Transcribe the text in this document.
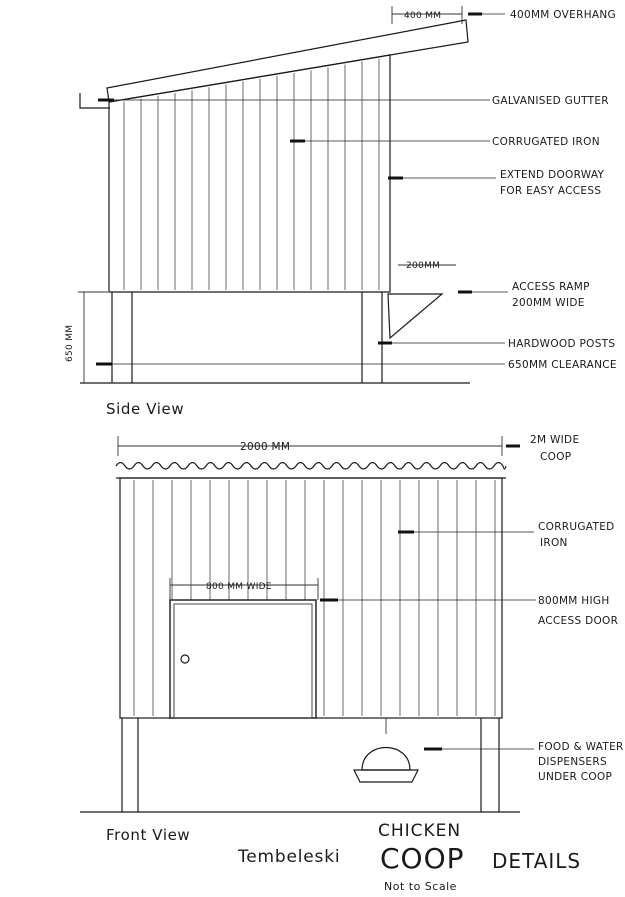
400 MM	400MM OVERHANG
GALVANISED GUTTER
CORRUGATED IRON
EXTEND DOORWAY
FOR EASY ACCESS
200MM
ACCESS RAMP
200MM WIDE
HARDWOOD POSTS
650MM CLEARANCE
650 MM
Side View
2000 MM
2M WIDE
COOP
CORRUGATED
IRON
800 MM WIDE
800MM HIGH
ACCESS DOOR
FOOD & WATER
DISPENSERS
UNDER COOP
Front View
Tembeleski
CHICKEN
COOP DETAILS
Not to Scale
